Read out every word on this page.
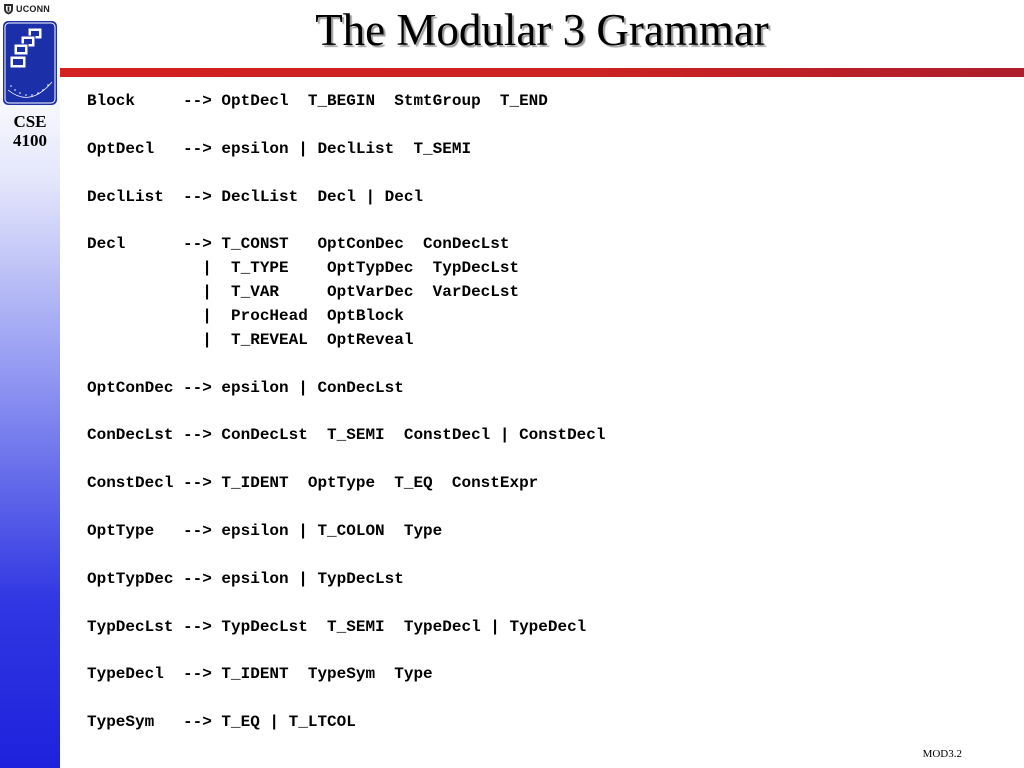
UCONN
CSE
4100
The Modular 3 Grammar
Block     --> OptDecl  T_BEGIN  StmtGroup  T_END
OptDecl   --> epsilon | DeclList  T_SEMI
DeclList  --> DeclList  Decl | Decl
Decl      --> T_CONST   OptConDec  ConDecLst
|  T_TYPE    OptTypDec  TypDecLst
|  T_VAR     OptVarDec  VarDecLst
|  ProcHead  OptBlock
|  T_REVEAL  OptReveal
OptConDec --> epsilon | ConDecLst
ConDecLst --> ConDecLst  T_SEMI  ConstDecl | ConstDecl
ConstDecl --> T_IDENT  OptType  T_EQ  ConstExpr
OptType   --> epsilon | T_COLON  Type
OptTypDec --> epsilon | TypDecLst
TypDecLst --> TypDecLst  T_SEMI  TypeDecl | TypeDecl
TypeDecl  --> T_IDENT  TypeSym  Type
TypeSym   --> T_EQ | T_LTCOL
MOD3.2
